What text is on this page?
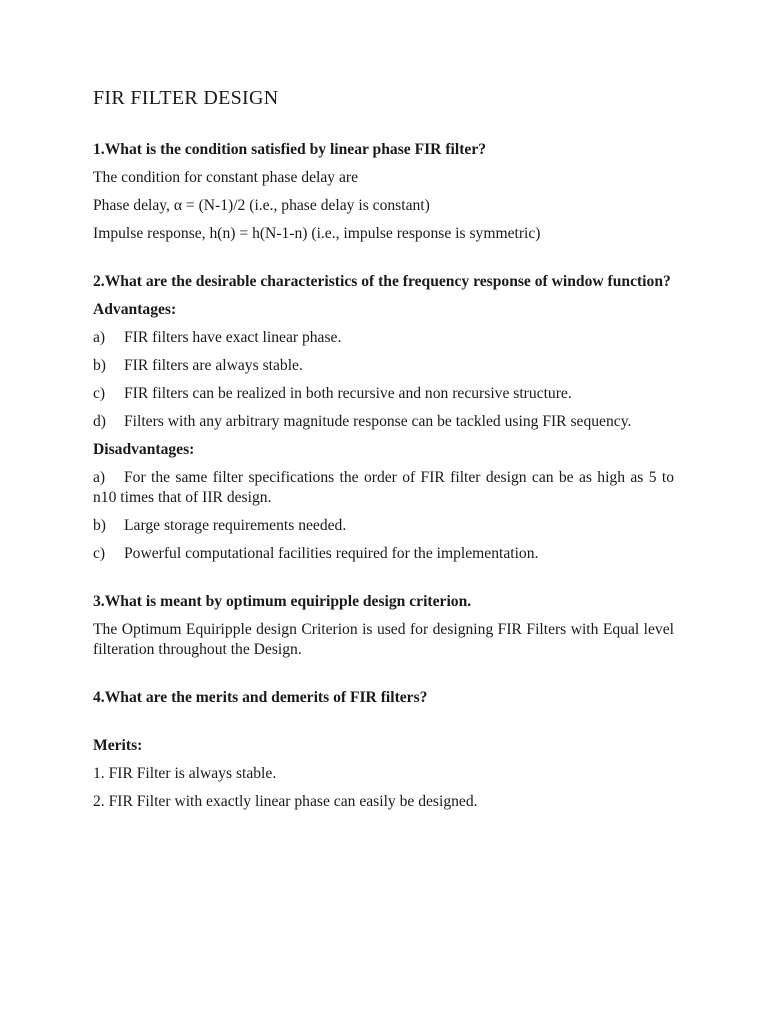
FIR FILTER DESIGN

1.What is the condition satisfied by linear phase FIR filter?

The condition for constant phase delay are

Phase delay, α = (N-1)/2 (i.e., phase delay is constant)

Impulse response, h(n) = h(N-1-n) (i.e., impulse response is symmetric)

2.What are the desirable characteristics of the frequency response of window function?

Advantages:

a) FIR filters have exact linear phase.

b) FIR filters are always stable.

c) FIR filters can be realized in both recursive and non recursive structure.

d) Filters with any arbitrary magnitude response can be tackled using FIR sequency.

Disadvantages:

a) For the same filter specifications the order of FIR filter design can be as high as 5 to n10 times that of IIR design.

b) Large storage requirements needed.

c) Powerful computational facilities required for the implementation.

3.What is meant by optimum equiripple design criterion.

The Optimum Equiripple design Criterion is used for designing FIR Filters with Equal level filteration throughout the Design.

4.What are the merits and demerits of FIR filters?

Merits:

1. FIR Filter is always stable.

2. FIR Filter with exactly linear phase can easily be designed.
